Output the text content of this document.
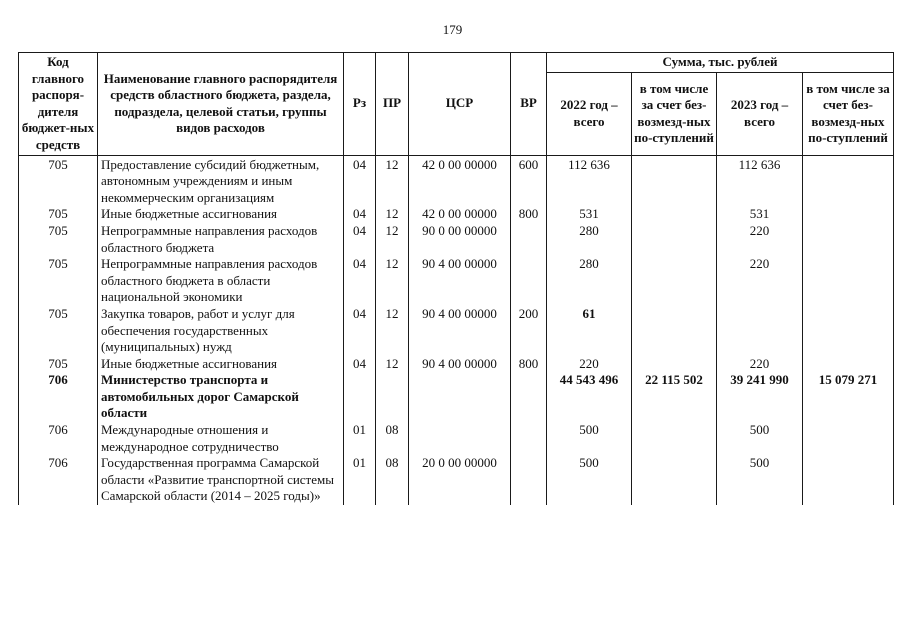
179
Код главного распоря-дителя бюджет-ных средств	Наименование главного распорядителя средств областного бюджета, раздела, подраздела, целевой статьи, группы видов расходов	Рз	ПР	ЦСР	ВР	Сумма, тыс. рублей			
						2022 год – всего	в том числе за счет без-возмезд-ных по-ступлений	2023 год – всего	в том числе за счет без-возмезд-ных по-ступлений
705	Предоставление субсидий бюджетным, автономным учреждениям и иным некоммерческим организациям	04	12	42 0 00 00000	600	112 636		112 636	
705	Иные бюджетные ассигнования	04	12	42 0 00 00000	800	531		531	
705	Непрограммные направления расходов областного бюджета	04	12	90 0 00 00000		280		220	
705	Непрограммные направления расходов областного бюджета в области национальной экономики	04	12	90 4 00 00000		280		220	
705	Закупка товаров, работ и услуг для обеспечения государственных (муниципальных) нужд	04	12	90 4 00 00000	200	61			
705	Иные бюджетные ассигнования	04	12	90 4 00 00000	800	220		220	
706	Министерство транспорта и автомобильных дорог Самарской области					44 543 496	22 115 502	39 241 990	15 079 271
706	Международные отношения и международное сотрудничество	01	08			500		500	
706	Государственная программа Самарской области «Развитие транспортной системы Самарской области (2014 – 2025 годы)»	01	08	20 0 00 00000		500		500	
